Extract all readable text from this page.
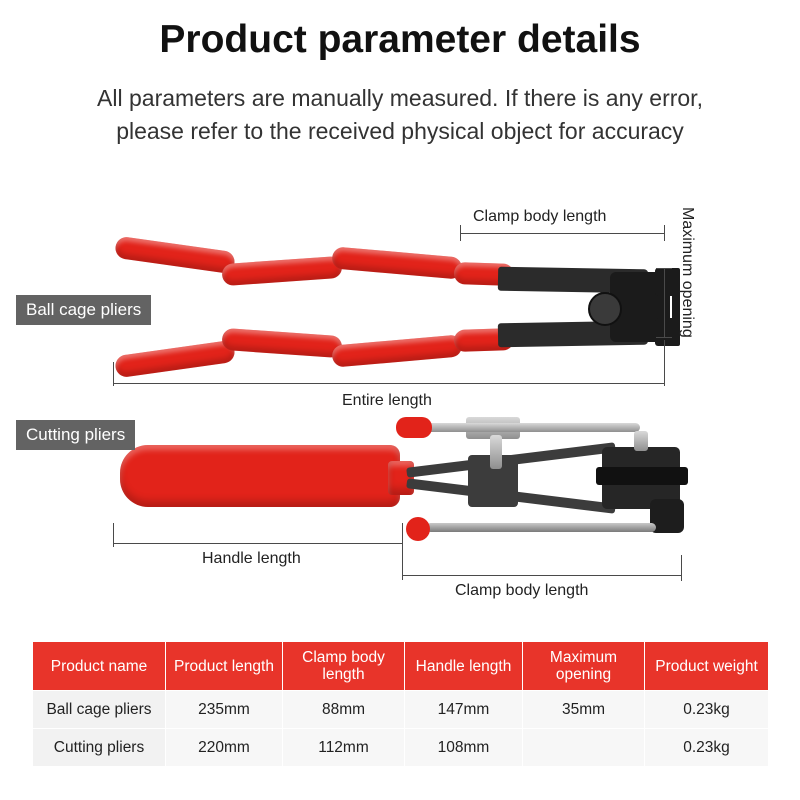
Product parameter details
All parameters are manually measured. If there is any error, please refer to the received physical object for accuracy
Clamp body length	Maximum opening
Entire length
Handle length
Clamp body length
Ball cage pliers
Cutting pliers
Product name	Product length	Clamp body length	Handle length	Maximum opening	Product weight
Ball cage pliers	235mm	88mm	147mm	35mm	0.23kg
Cutting pliers	220mm	112mm	108mm		0.23kg
